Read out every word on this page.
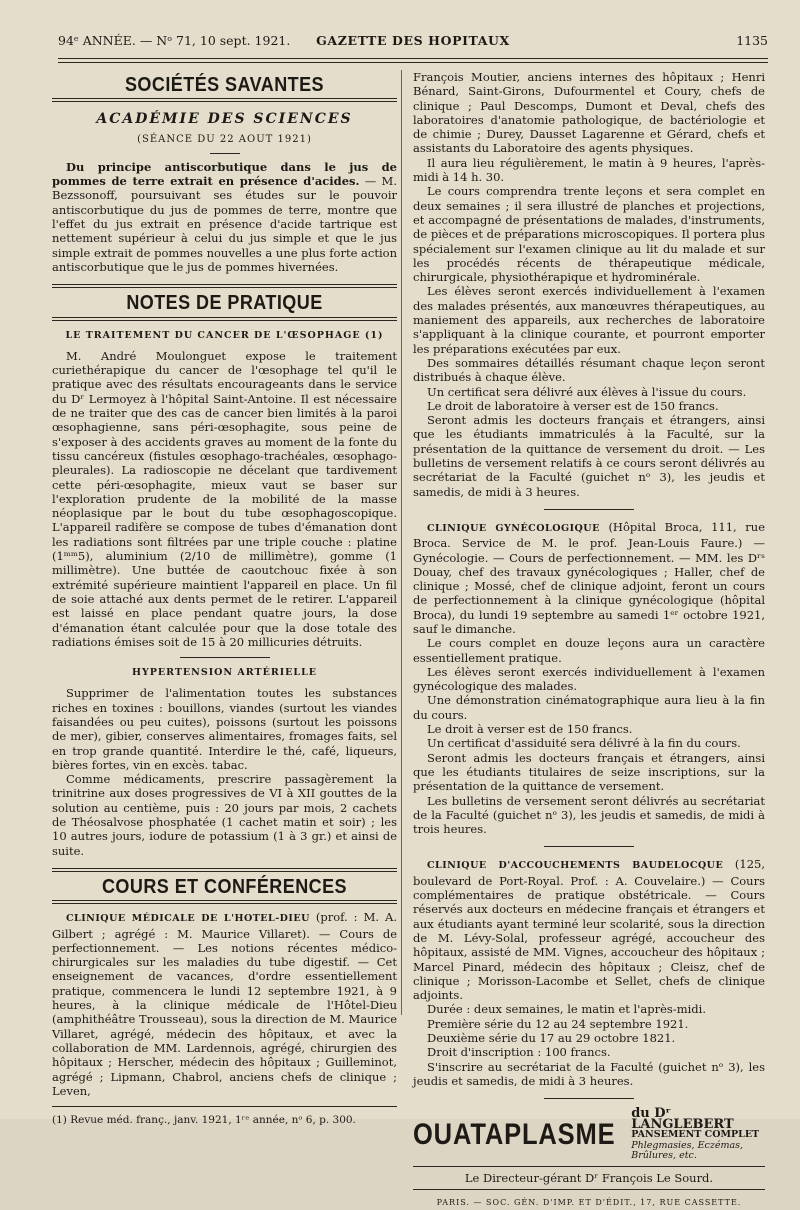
94ᵉ ANNÉE. — Nᵒ 71, 10 sept. 1921.	GAZETTE DES HOPITAUX	1135
SOCIÉTÉS SAVANTES
ACADÉMIE DES SCIENCES
(SÉANCE DU 22 AOUT 1921)

Du principe antiscorbutique dans le jus de pommes de terre extrait en présence d'acides. — M. Bezssonoff, poursuivant ses études sur le pouvoir antiscorbutique du jus de pommes de terre, montre que l'effet du jus extrait en présence d'acide tartrique est nettement supérieur à celui du jus simple et que le jus simple extrait de pommes nouvelles a une plus forte action antiscorbutique que le jus de pommes hivernées.

NOTES DE PRATIQUE
LE TRAITEMENT DU CANCER DE L'ŒSOPHAGE (1)

M. André Moulonguet expose le traitement curiethérapique du cancer de l'œsophage tel qu'il le pratique avec des résultats encourageants dans le service du Dʳ Lermoyez à l'hôpital Saint-Antoine. Il est nécessaire de ne traiter que des cas de cancer bien limités à la paroi œsophagienne, sans péri-œsophagite, sous peine de s'exposer à des accidents graves au moment de la fonte du tissu cancéreux (fistules œsophago-trachéales, œsophago-pleurales). La radioscopie ne décelant que tardivement cette péri-œsophagite, mieux vaut se baser sur l'exploration prudente de la mobilité de la masse néoplasique par le bout du tube œsophagoscopique. L'appareil radifère se compose de tubes d'émanation dont les radiations sont filtrées par une triple couche : platine (1ᵐᵐ5), aluminium (2/10 de millimètre), gomme (1 millimètre). Une buttée de caoutchouc fixée à son extrémité supérieure maintient l'appareil en place. Un fil de soie attaché aux dents permet de le retirer. L'appareil est laissé en place pendant quatre jours, la dose d'émanation étant calculée pour que la dose totale des radiations émises soit de 15 à 20 millicuries détruits.

HYPERTENSION ARTÉRIELLE

Supprimer de l'alimentation toutes les substances riches en toxines : bouillons, viandes (surtout les viandes faisandées ou peu cuites), poissons (surtout les poissons de mer), gibier, conserves alimentaires, fromages faits, sel en trop grande quantité. Interdire le thé, café, liqueurs, bières fortes, vin en excès. tabac.

Comme médicaments, prescrire passagèrement la trinitrine aux doses progressives de VI à XII gouttes de la solution au centième, puis : 20 jours par mois, 2 cachets de Théosalvose phosphatée (1 cachet matin et soir) ; les 10 autres jours, iodure de potassium (1 à 3 gr.) et ainsi de suite.

COURS ET CONFÉRENCES

CLINIQUE MÉDICALE DE L'HOTEL-DIEU (prof. : M. A. Gilbert ; agrégé : M. Maurice Villaret). — Cours de perfectionnement. — Les notions récentes médico-chirurgicales sur les maladies du tube digestif. — Cet enseignement de vacances, d'ordre essentiellement pratique, commencera le lundi 12 septembre 1921, à 9 heures, à la clinique médicale de l'Hôtel-Dieu (amphithéâtre Trousseau), sous la direction de M. Maurice Villaret, agrégé, médecin des hôpitaux, et avec la collaboration de MM. Lardennois, agrégé, chirurgien des hôpitaux ; Herscher, médecin des hôpitaux ; Guilleminot, agrégé ; Lipmann, Chabrol, anciens chefs de clinique ; Leven,

(1) Revue méd. franç., janv. 1921, 1ʳᵉ année, nᵒ 6, p. 300.

François Moutier, anciens internes des hôpitaux ; Henri Bénard, Saint-Girons, Dufourmentel et Coury, chefs de clinique ; Paul Descomps, Dumont et Deval, chefs des laboratoires d'anatomie pathologique, de bactériologie et de chimie ; Durey, Dausset Lagarenne et Gérard, chefs et assistants du Laboratoire des agents physiques.

Il aura lieu régulièrement, le matin à 9 heures, l'après-midi à 14 h. 30.

Le cours comprendra trente leçons et sera complet en deux semaines ; il sera illustré de planches et projections, et accompagné de présentations de malades, d'instruments, de pièces et de préparations microscopiques. Il portera plus spécialement sur l'examen clinique au lit du malade et sur les procédés récents de thérapeutique médicale, chirurgicale, physiothérapique et hydrominérale.

Les élèves seront exercés individuellement à l'examen des malades présentés, aux manœuvres thérapeutiques, au maniement des appareils, aux recherches de laboratoire s'appliquant à la clinique courante, et pourront emporter les préparations exécutées par eux.

Des sommaires détaillés résumant chaque leçon seront distribués à chaque élève.

Un certificat sera délivré aux élèves à l'issue du cours.

Le droit de laboratoire à verser est de 150 francs.

Seront admis les docteurs français et étrangers, ainsi que les étudiants immatriculés à la Faculté, sur la présentation de la quittance de versement du droit. — Les bulletins de versement relatifs à ce cours seront délivrés au secrétariat de la Faculté (guichet nᵒ 3), les jeudis et samedis, de midi à 3 heures.

CLINIQUE GYNÉCOLOGIQUE (Hôpital Broca, 111, rue Broca. Service de M. le prof. Jean-Louis Faure.) — Gynécologie. — Cours de perfectionnement. — MM. les Dʳˢ Douay, chef des travaux gynécologiques ; Haller, chef de clinique ; Mossé, chef de clinique adjoint, feront un cours de perfectionnement à la clinique gynécologique (hôpital Broca), du lundi 19 septembre au samedi 1ᵉʳ octobre 1921, sauf le dimanche.

Le cours complet en douze leçons aura un caractère essentiellement pratique.

Les élèves seront exercés individuellement à l'examen gynécologique des malades.

Une démonstration cinématographique aura lieu à la fin du cours.

Le droit à verser est de 150 francs.

Un certificat d'assiduité sera délivré à la fin du cours.

Seront admis les docteurs français et étrangers, ainsi que les étudiants titulaires de seize inscriptions, sur la présentation de la quittance de versement.

Les bulletins de versement seront délivrés au secrétariat de la Faculté (guichet nᵒ 3), les jeudis et samedis, de midi à trois heures.

CLINIQUE D'ACCOUCHEMENTS BAUDELOCQUE (125, boulevard de Port-Royal. Prof. : A. Couvelaire.) — Cours complémentaires de pratique obstétricale. — Cours réservés aux docteurs en médecine français et étrangers et aux étudiants ayant terminé leur scolarité, sous la direction de M. Lévy-Solal, professeur agrégé, accoucheur des hôpitaux, assisté de MM. Vignes, accoucheur des hôpitaux ; Marcel Pinard, médecin des hôpitaux ; Cleisz, chef de clinique ; Morisson-Lacombe et Sellet, chefs de clinique adjoints.

Durée : deux semaines, le matin et l'après-midi.

Première série du 12 au 24 septembre 1921.

Deuxième série du 17 au 29 octobre 1821.

Droit d'inscription : 100 francs.

S'inscrire au secrétariat de la Faculté (guichet nᵒ 3), les jeudis et samedis, de midi à 3 heures.

OUATAPLASME
du Dʳ LANGLEBERT
PANSEMENT COMPLET
Phlegmasies, Eczémas, Brûlures, etc.
Le Directeur-gérant Dʳ François Le Sourd.
PARIS. — SOC. GÉN. D'IMP. ET D'ÉDIT., 17, RUE CASSETTE.
